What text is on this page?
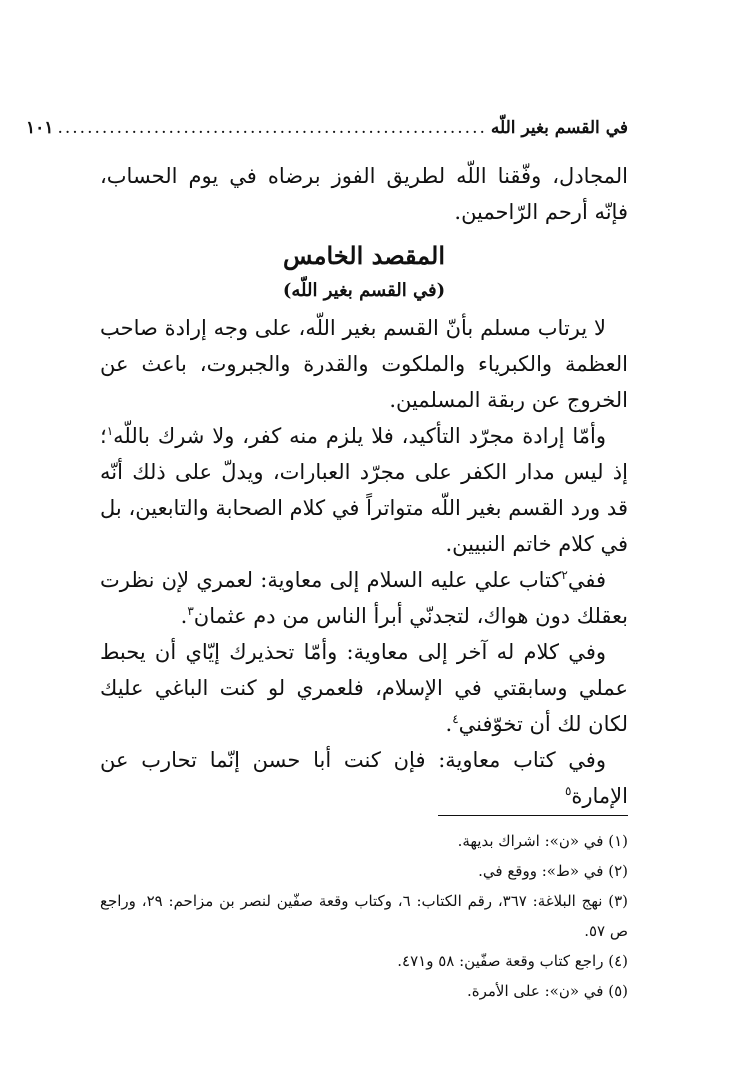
في القسم بغير اللّه
..........................................................
١٠١

المجادل، وفّقنا اللّه لطريق الفوز برضاه في يوم الحساب، فإنّه أرحم الرّاحمين.

المقصد الخامس
(في القسم بغير اللّه)

لا يرتاب مسلم بأنّ القسم بغير اللّه، على وجه إرادة صاحب العظمة والكبرياء والملكوت والقدرة والجبروت، باعث عن الخروج عن ربقة المسلمين.

وأمّا إرادة مجرّد التأكيد، فلا يلزم منه كفر، ولا شرك باللّه$^١$؛ إذ ليس مدار الكفر على مجرّد العبارات، ويدلّ على ذلك أنّه قد ورد القسم بغير اللّه متواتراً في كلام الصحابة والتابعين، بل في كلام خاتم النبيين.

ففي$^٢$كتاب علي عليه السلام إلى معاوية: لعمري لإن نظرت بعقلك دون هواك، لتجدنّي أبرأ الناس من دم عثمان$^٣$.

وفي كلام له آخر إلى معاوية: وأمّا تحذيرك إيّاي أن يحبط عملي وسابقتي في الإسلام، فلعمري لو كنت الباغي عليك لكان لك أن تخوّفني$^٤$.

وفي كتاب معاوية: فإن كنت أبا حسن إنّما تحارب عن الإمارة$^٥$

(١) في «ن»: اشراك بديهة.

(٢) في «ط»: ووقع في.

(٣) نهج البلاغة: ٣٦٧، رقم الكتاب: ٦، وكتاب وقعة صفّين لنصر بن مزاحم: ٢٩، وراجع ص ٥٧.

(٤) راجع كتاب وقعة صفّين: ٥٨ و٤٧١.

(٥) في «ن»: على الأمرة.
